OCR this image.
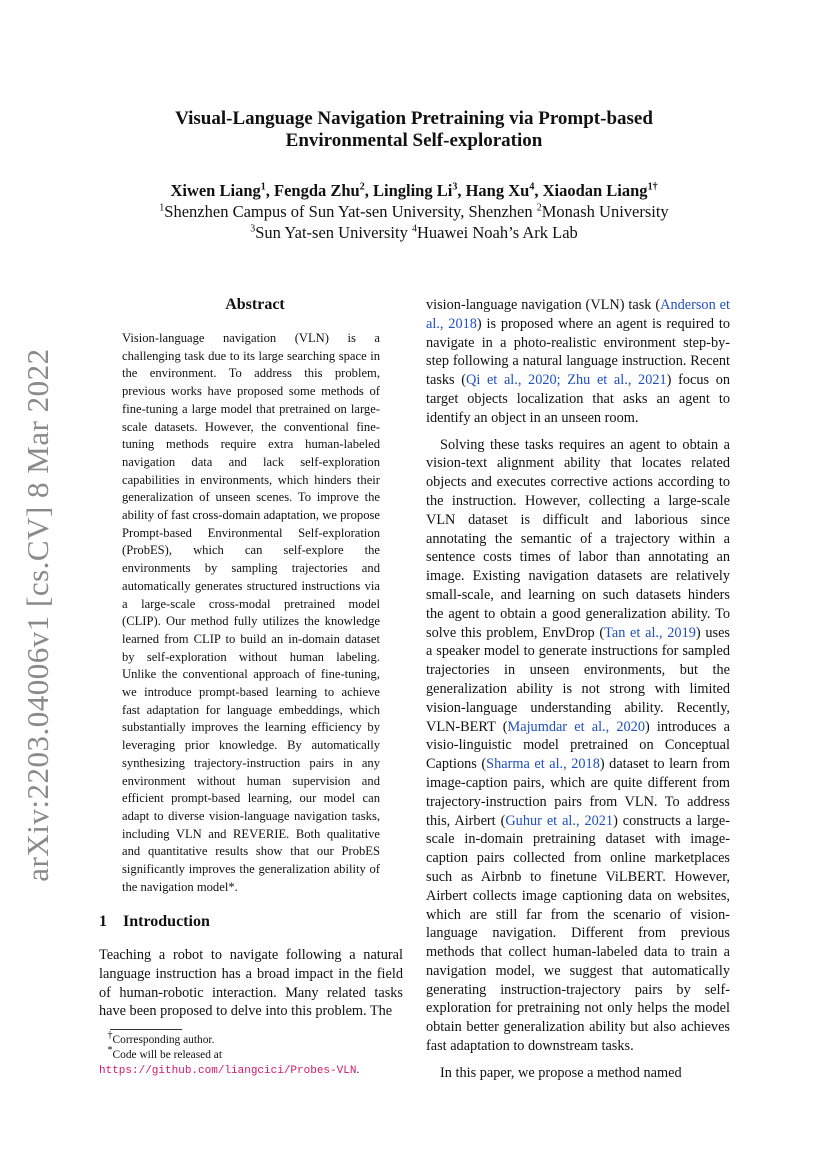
arXiv:2203.04006v1 [cs.CV] 8 Mar 2022
Visual-Language Navigation Pretraining via Prompt-based
Environmental Self-exploration
Xiwen Liang$^1$, Fengda Zhu$^2$, Lingling Li$^3$, Hang Xu$^4$, Xiaodan Liang$^{1\dagger}$
$^1$Shenzhen Campus of Sun Yat-sen University, Shenzhen $^2$Monash University
$^3$Sun Yat-sen University $^4$Huawei Noah’s Ark Lab
Abstract
Vision-language navigation (VLN) is a challenging task due to its large searching space in the environment. To address this problem, previous works have proposed some methods of fine-tuning a large model that pretrained on large-scale datasets. However, the conventional fine-tuning methods require extra human-labeled navigation data and lack self-exploration capabilities in environments, which hinders their generalization of unseen scenes. To improve the ability of fast cross-domain adaptation, we propose Prompt-based Environmental Self-exploration (ProbES), which can self-explore the environments by sampling trajectories and automatically generates structured instructions via a large-scale cross-modal pretrained model (CLIP). Our method fully utilizes the knowledge learned from CLIP to build an in-domain dataset by self-exploration without human labeling. Unlike the conventional approach of fine-tuning, we introduce prompt-based learning to achieve fast adaptation for language embeddings, which substantially improves the learning efficiency by leveraging prior knowledge. By automatically synthesizing trajectory-instruction pairs in any environment without human supervision and efficient prompt-based learning, our model can adapt to diverse vision-language navigation tasks, including VLN and REVERIE. Both qualitative and quantitative results show that our ProbES significantly improves the generalization ability of the navigation model*.
1 Introduction
Teaching a robot to navigate following a natural language instruction has a broad impact in the field of human-robotic interaction. Many related tasks have been proposed to delve into this problem. The

†Corresponding author.

*Code will be released at https://github.com/liangcici/Probes-VLN.

vision-language navigation (VLN) task (Anderson et al., 2018) is proposed where an agent is required to navigate in a photo-realistic environment step-by-step following a natural language instruction. Recent tasks (Qi et al., 2020; Zhu et al., 2021) focus on target objects localization that asks an agent to identify an object in an unseen room.

Solving these tasks requires an agent to obtain a vision-text alignment ability that locates related objects and executes corrective actions according to the instruction. However, collecting a large-scale VLN dataset is difficult and laborious since annotating the semantic of a trajectory within a sentence costs times of labor than annotating an image. Existing navigation datasets are relatively small-scale, and learning on such datasets hinders the agent to obtain a good generalization ability. To solve this problem, EnvDrop (Tan et al., 2019) uses a speaker model to generate instructions for sampled trajectories in unseen environments, but the generalization ability is not strong with limited vision-language understanding ability. Recently, VLN-BERT (Majumdar et al., 2020) introduces a visio-linguistic model pretrained on Conceptual Captions (Sharma et al., 2018) dataset to learn from image-caption pairs, which are quite different from trajectory-instruction pairs from VLN. To address this, Airbert (Guhur et al., 2021) constructs a large-scale in-domain pretraining dataset with image-caption pairs collected from online marketplaces such as Airbnb to finetune ViLBERT. However, Airbert collects image captioning data on websites, which are still far from the scenario of vision-language navigation. Different from previous methods that collect human-labeled data to train a navigation model, we suggest that automatically generating instruction-trajectory pairs by self-exploration for pretraining not only helps the model obtain better generalization ability but also achieves fast adaptation to downstream tasks.

In this paper, we propose a method named
